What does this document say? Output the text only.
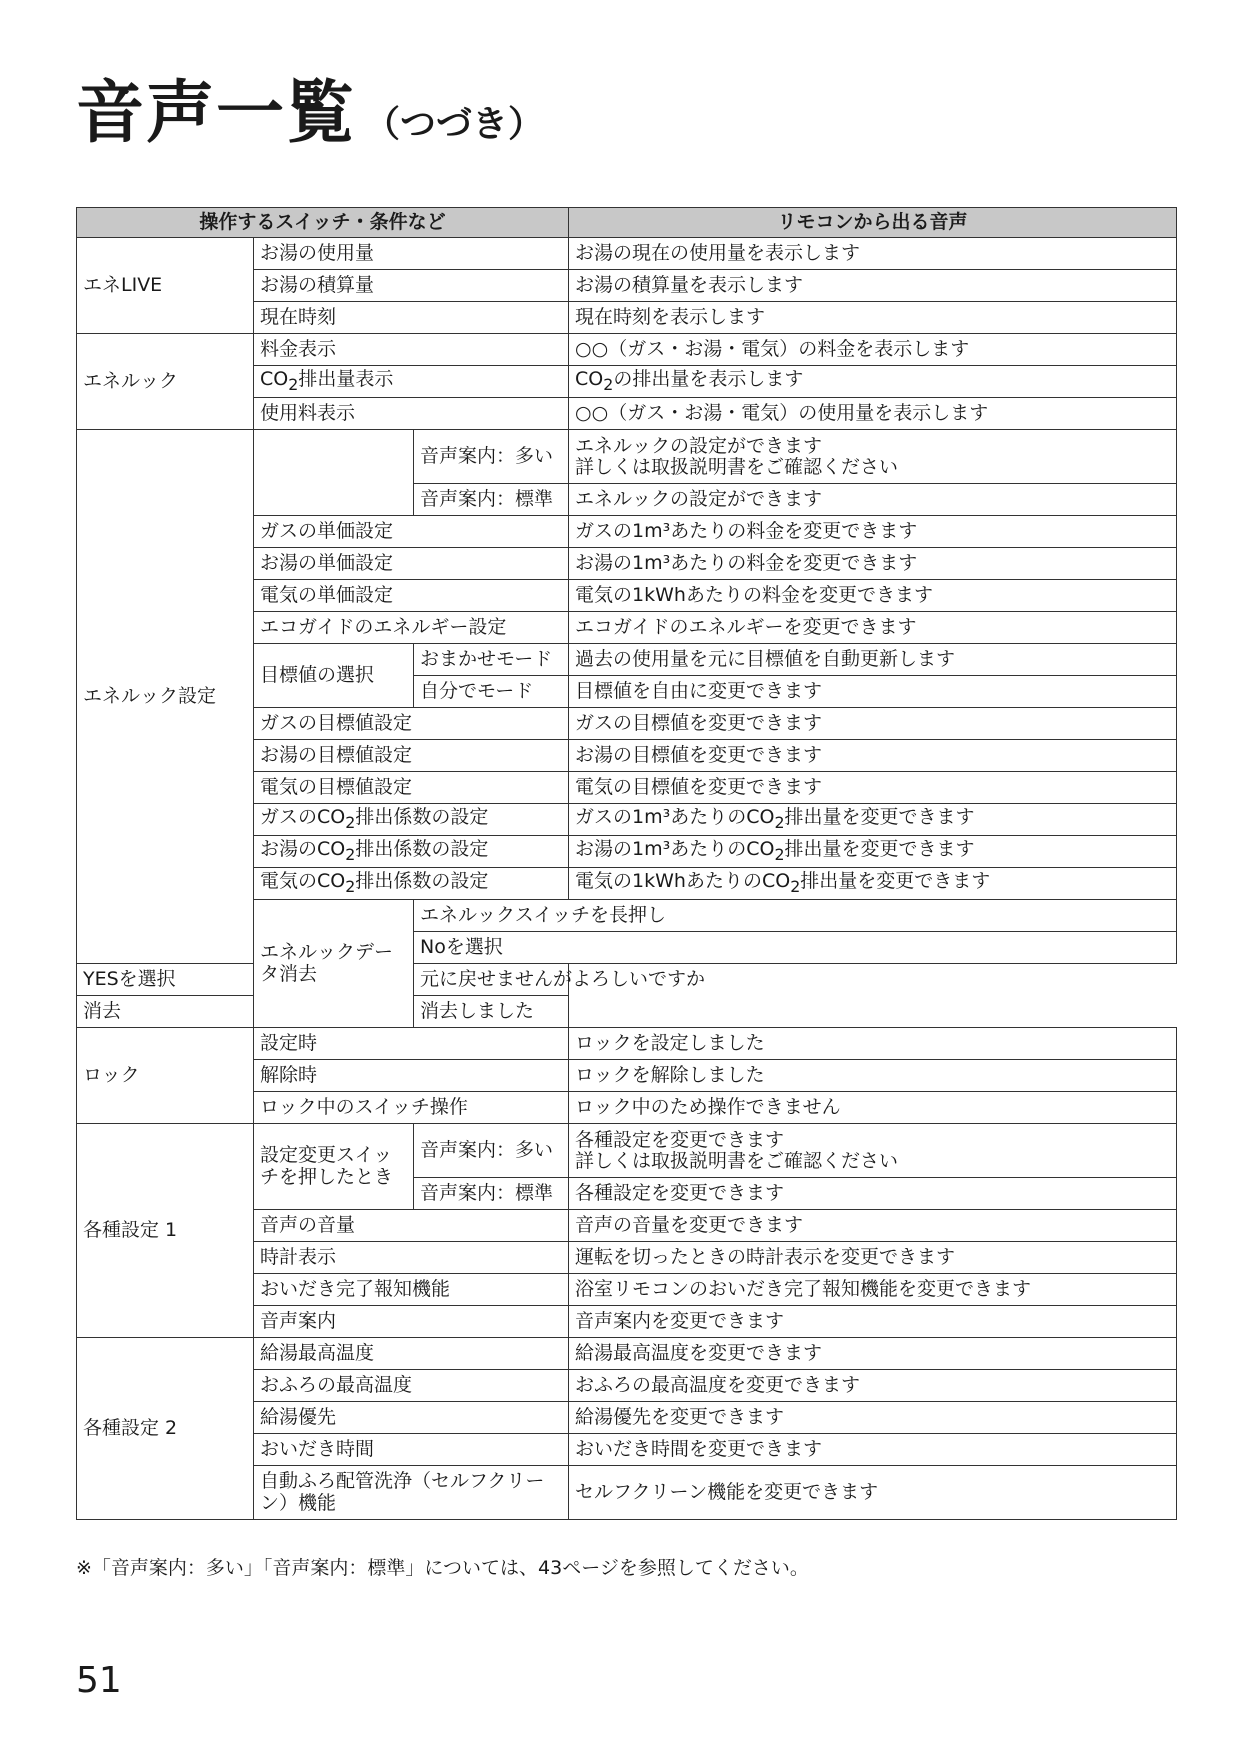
音声一覧 （つづき）
操作するスイッチ・条件など			リモコンから出る音声	
エネLIVE	お湯の使用量		お湯の現在の使用量を表示します	
	お湯の積算量		お湯の積算量を表示します	
	現在時刻		現在時刻を表示します	
エネルック	料金表示		○○（ガス・お湯・電気）の料金を表示します	
	$CO_2$排出量表示		$CO_2$の排出量を表示します	
	使用料表示		○○（ガス・お湯・電気）の使用量を表示します	
エネルック設定		音声案内：多い	エネルックの設定ができます
詳しくは取扱説明書をご確認ください	

		音声案内：標準	エネルックの設定ができます	
	ガスの単価設定		ガスの1m³あたりの料金を変更できます	
	お湯の単価設定		お湯の1m³あたりの料金を変更できます	
	電気の単価設定		電気の1kWhあたりの料金を変更できます	
	エコガイドのエネルギー設定		エコガイドのエネルギーを変更できます	
	目標値の選択	おまかせモード	過去の使用量を元に目標値を自動更新します	
		自分でモード	目標値を自由に変更できます	
	ガスの目標値設定		ガスの目標値を変更できます	
	お湯の目標値設定		お湯の目標値を変更できます	
	電気の目標値設定		電気の目標値を変更できます	
	ガスの$CO_2$排出係数の設定		ガスの1m³あたりの$CO_2$排出量を変更できます	
	お湯の$CO_2$排出係数の設定		お湯の1m³あたりの$CO_2$排出量を変更できます	
	電気の$CO_2$排出係数の設定		電気の1kWhあたりの$CO_2$排出量を変更できます	
	エネルックデータ消去	エネルックスイッチを長押し	
		Noを選択	
YESを選択		元に戻せませんがよろしいですか		
消去		消去しました		
ロック	設定時		ロックを設定しました	
	解除時		ロックを解除しました	
	ロック中のスイッチ操作		ロック中のため操作できません	
各種設定 1	設定変更スイッチを押したとき	音声案内：多い	各種設定を変更できます
詳しくは取扱説明書をご確認ください	

		音声案内：標準	各種設定を変更できます	
	音声の音量		音声の音量を変更できます	
	時計表示		運転を切ったときの時計表示を変更できます	
	おいだき完了報知機能		浴室リモコンのおいだき完了報知機能を変更できます	
	音声案内		音声案内を変更できます	
各種設定 2	給湯最高温度		給湯最高温度を変更できます	
	おふろの最高温度		おふろの最高温度を変更できます	
	給湯優先		給湯優先を変更できます	
	おいだき時間		おいだき時間を変更できます	
	自動ふろ配管洗浄（セルフクリーン）機能		セルフクリーン機能を変更できます	

※「音声案内：多い」「音声案内：標準」については、43ページを参照してください。

51
